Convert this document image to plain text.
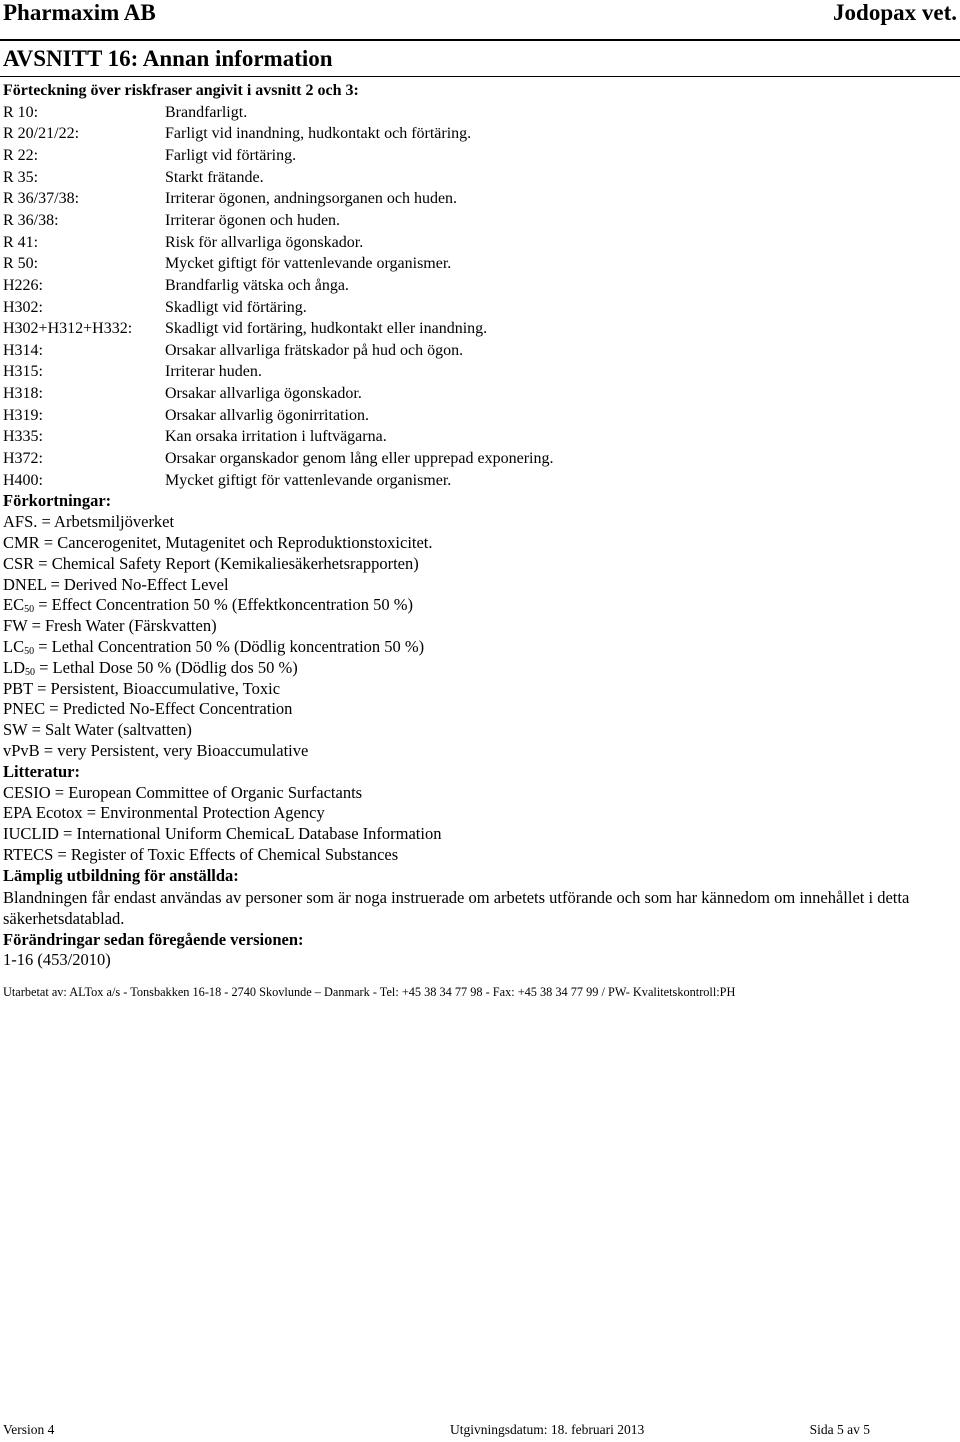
Pharmaxim AB	Jodopax vet.
AVSNITT 16: Annan information
Förteckning över riskfraser angivit i avsnitt 2 och 3:
R 10:	Brandfarligt.
R 20/21/22:	Farligt vid inandning, hudkontakt och förtäring.
R 22:	Farligt vid förtäring.
R 35:	Starkt frätande.
R 36/37/38:	Irriterar ögonen, andningsorganen och huden.
R 36/38:	Irriterar ögonen och huden.
R 41:	Risk för allvarliga ögonskador.
R 50:	Mycket giftigt för vattenlevande organismer.
H226:	Brandfarlig vätska och ånga.
H302:	Skadligt vid förtäring.
H302+H312+H332:	Skadligt vid fortäring, hudkontakt eller inandning.
H314:	Orsakar allvarliga frätskador på hud och ögon.
H315:	Irriterar huden.
H318:	Orsakar allvarliga ögonskador.
H319:	Orsakar allvarlig ögonirritation.
H335:	Kan orsaka irritation i luftvägarna.
H372:	Orsakar organskador genom lång eller upprepad exponering.
H400:	Mycket giftigt för vattenlevande organismer.
Förkortningar:
AFS. = Arbetsmiljöverket
CMR = Cancerogenitet, Mutagenitet och Reproduktionstoxicitet.
CSR = Chemical Safety Report (Kemikaliesäkerhetsrapporten)
DNEL = Derived No-Effect Level
$EC_{50}$ = Effect Concentration 50 % (Effektkoncentration 50 %)
FW = Fresh Water (Färskvatten)
$LC_{50}$ = Lethal Concentration 50 % (Dödlig koncentration 50 %)
$LD_{50}$ = Lethal Dose 50 % (Dödlig dos 50 %)
PBT = Persistent, Bioaccumulative, Toxic
PNEC = Predicted No-Effect Concentration
SW = Salt Water (saltvatten)
vPvB = very Persistent, very Bioaccumulative
Litteratur:
CESIO = European Committee of Organic Surfactants
EPA Ecotox = Environmental Protection Agency
IUCLID = International Uniform ChemicaL Database Information
RTECS = Register of Toxic Effects of Chemical Substances
Lämplig utbildning för anställda:
Blandningen får endast användas av personer som är noga instruerade om arbetets utförande och som har kännedom om innehållet i detta säkerhetsdatablad.
Förändringar sedan föregående versionen:
1-16 (453/2010)
Utarbetat av: ALTox a/s - Tonsbakken 16-18 - 2740 Skovlunde – Danmark - Tel: +45 38 34 77 98 - Fax: +45 38 34 77 99 / PW- Kvalitetskontroll:PH
Version 4	Utgivningsdatum: 18. februari 2013	Sida 5 av 5
